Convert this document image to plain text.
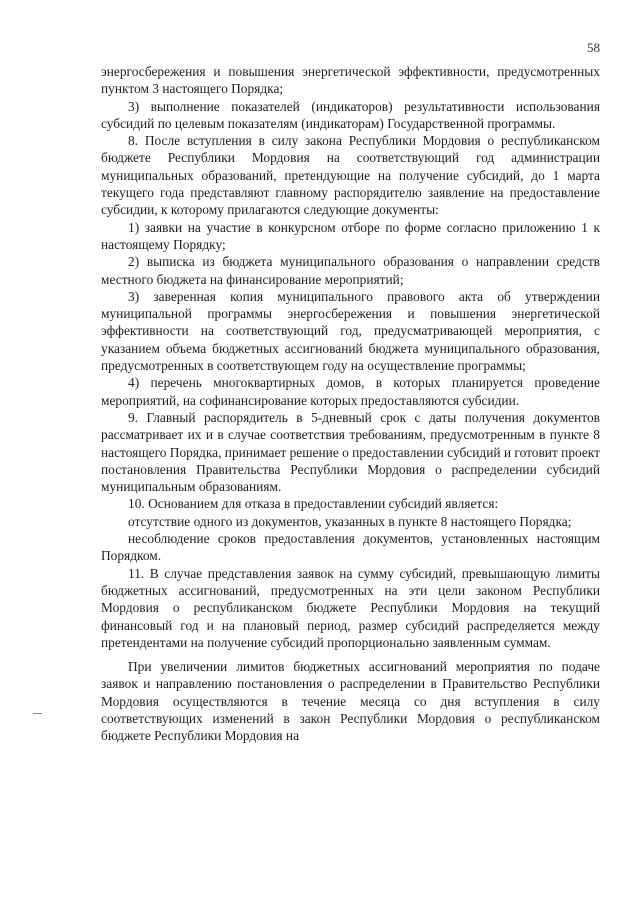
58

энергосбережения и повышения энергетической эффективности, предусмотренных пунктом 3 настоящего Порядка;

3) выполнение показателей (индикаторов) результативности использования субсидий по целевым показателям (индикаторам) Государственной программы.

8. После вступления в силу закона Республики Мордовия о республиканском бюджете Республики Мордовия на соответствующий год администрации муниципальных образований, претендующие на получение субсидий, до 1 марта текущего года представляют главному распорядителю заявление на предоставление субсидии, к которому прилагаются следующие документы:

1) заявки на участие в конкурсном отборе по форме согласно приложению 1 к настоящему Порядку;

2) выписка из бюджета муниципального образования о направлении средств местного бюджета на финансирование мероприятий;

3) заверенная копия муниципального правового акта об утверждении муниципальной программы энергосбережения и повышения энергетической эффективности на соответствующий год, предусматривающей мероприятия, с указанием объема бюджетных ассигнований бюджета муниципального образования, предусмотренных в соответствующем году на осуществление программы;

4) перечень многоквартирных домов, в которых планируется проведение мероприятий, на софинансирование которых предоставляются субсидии.

9. Главный распорядитель в 5-дневный срок с даты получения документов рассматривает их и в случае соответствия требованиям, предусмотренным в пункте 8 настоящего Порядка, принимает решение о предоставлении субсидий и готовит проект постановления Правительства Республики Мордовия о распределении субсидий муниципальным образованиям.

10. Основанием для отказа в предоставлении субсидий является:

отсутствие одного из документов, указанных в пункте 8 настоящего Порядка;

несоблюдение сроков предоставления документов, установленных настоящим Порядком.

11. В случае представления заявок на сумму субсидий, превышающую лимиты бюджетных ассигнований, предусмотренных на эти цели законом Республики Мордовия о республиканском бюджете Республики Мордовия на текущий финансовый год и на плановый период, размер субсидий распределяется между претендентами на получение субсидий пропорционально заявленным суммам.

При увеличении лимитов бюджетных ассигнований мероприятия по подаче заявок и направлению постановления о распределении в Правительство Республики Мордовия осуществляются в течение месяца со дня вступления в силу соответствующих изменений в закон Республики Мордовия о республиканском бюджете Республики Мордовия на
